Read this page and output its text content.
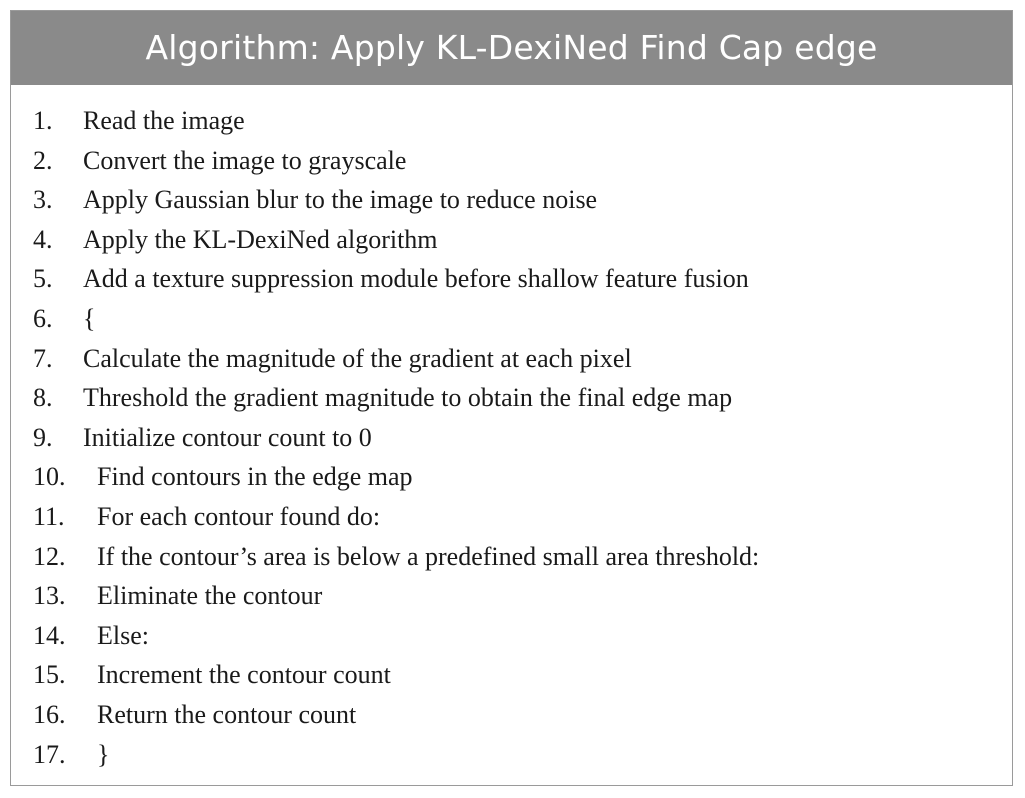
Algorithm: Apply KL-DexiNed Find Cap edge
1. Read the image
2. Convert the image to grayscale
3. Apply Gaussian blur to the image to reduce noise
4. Apply the KL-DexiNed algorithm
5. Add a texture suppression module before shallow feature fusion
6. {
7. Calculate the magnitude of the gradient at each pixel
8. Threshold the gradient magnitude to obtain the final edge map
9. Initialize contour count to 0
10. Find contours in the edge map
11. For each contour found do:
12. If the contour’s area is below a predefined small area threshold:
13. Eliminate the contour
14. Else:
15. Increment the contour count
16. Return the contour count
17. }
